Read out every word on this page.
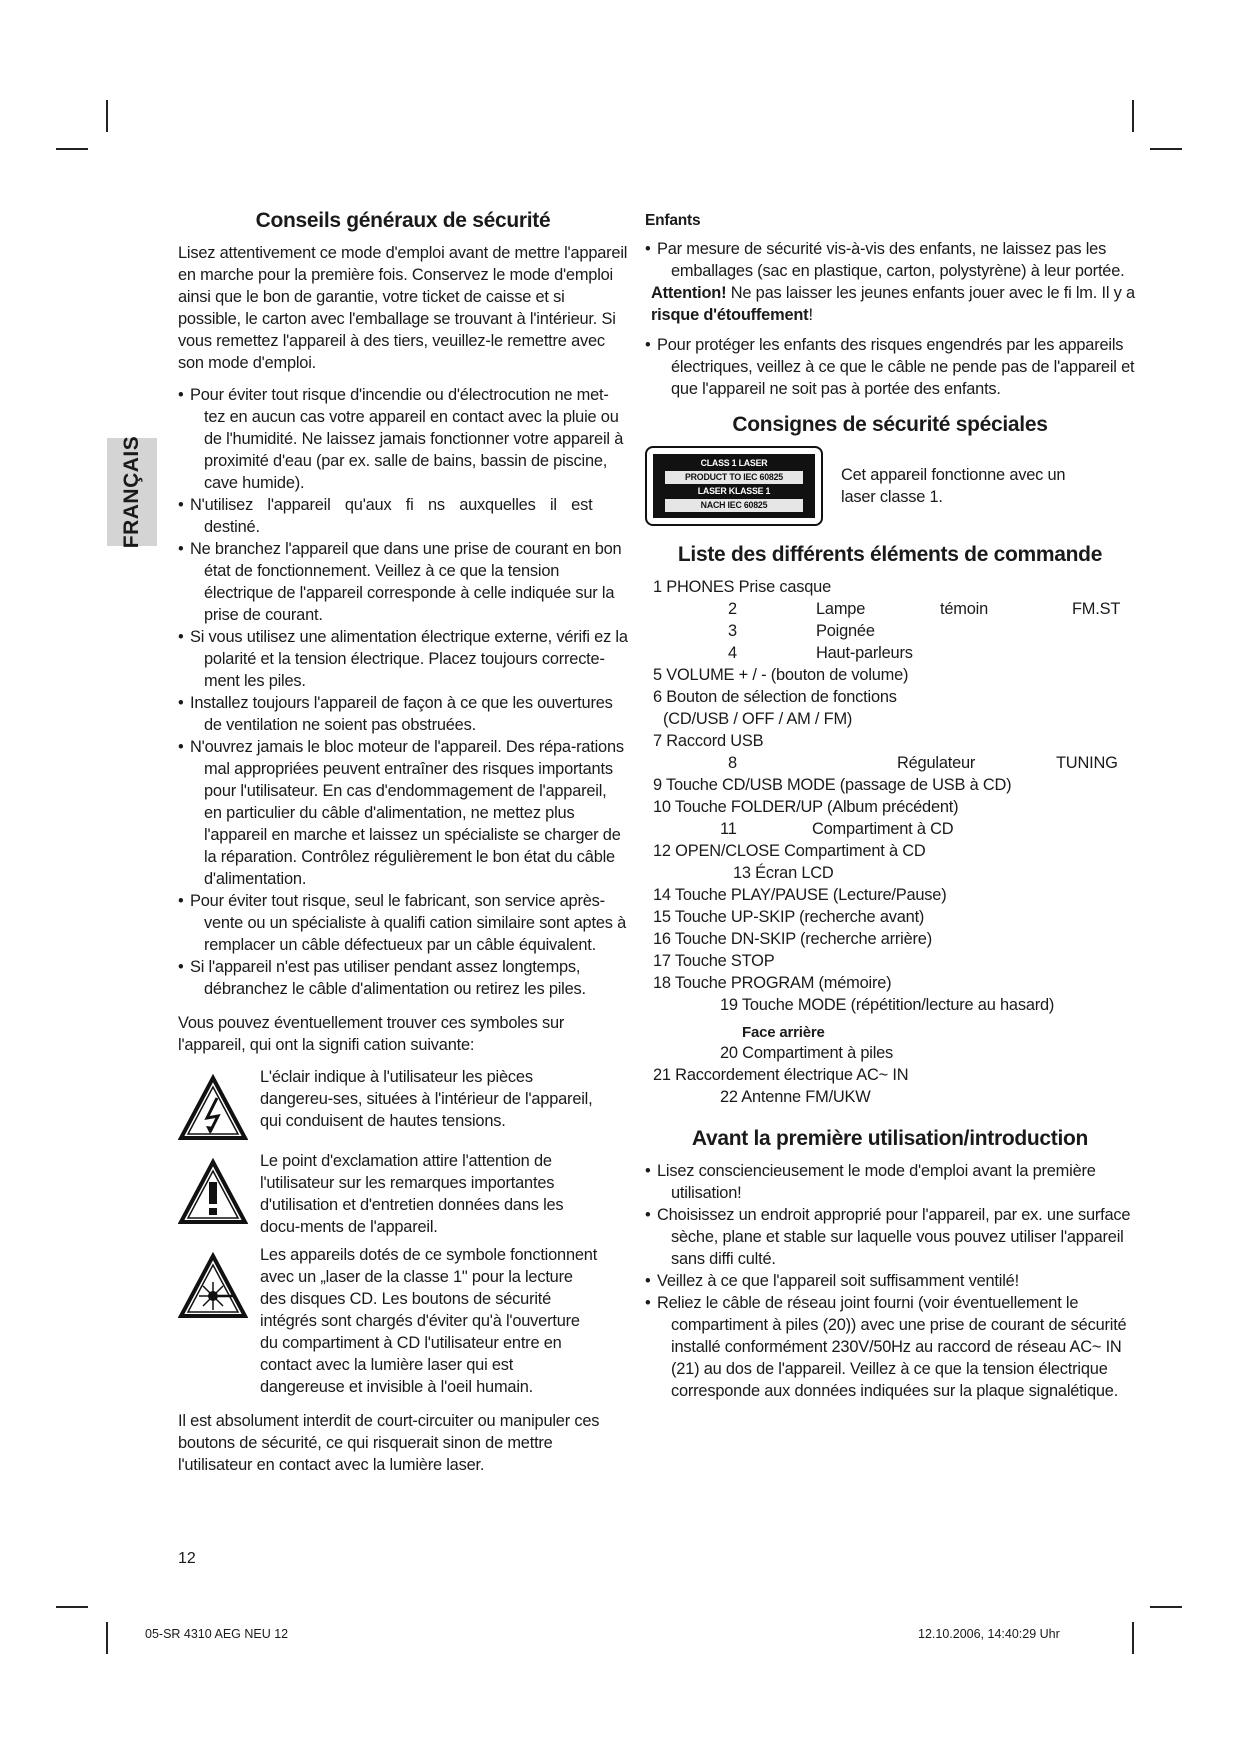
FRANÇAIS
Conseils généraux de sécurité

Lisez attentivement ce mode d'emploi avant de mettre l'appareil en marche pour la première fois. Conservez le mode d'emploi ainsi que le bon de garantie, votre ticket de caisse et si possible, le carton avec l'emballage se trouvant à l'intérieur. Si vous remettez l'appareil à des tiers, veuillez-le remettre avec son mode d'emploi.

• Pour éviter tout risque d'incendie ou d'électrocution ne met-tez en aucun cas votre appareil en contact avec la pluie ou de l'humidité. Ne laissez jamais fonctionner votre appareil à proximité d'eau (par ex. salle de bains, bassin de piscine, cave humide).
• N'utilisez l'appareil qu'aux fi ns auxquelles il est destiné.
• Ne branchez l'appareil que dans une prise de courant en bon état de fonctionnement. Veillez à ce que la tension électrique de l'appareil corresponde à celle indiquée sur la prise de courant.
• Si vous utilisez une alimentation électrique externe, vérifi ez la polarité et la tension électrique. Placez toujours correcte-ment les piles.
• Installez toujours l'appareil de façon à ce que les ouvertures de ventilation ne soient pas obstruées.
• N'ouvrez jamais le bloc moteur de l'appareil. Des répa-rations mal appropriées peuvent entraîner des risques importants pour l'utilisateur. En cas d'endommagement de l'appareil, en particulier du câble d'alimentation, ne mettez plus l'appareil en marche et laissez un spécialiste se charger de la réparation. Contrôlez régulièrement le bon état du câble d'alimentation.
• Pour éviter tout risque, seul le fabricant, son service après-vente ou un spécialiste à qualifi cation similaire sont aptes à remplacer un câble défectueux par un câble équivalent.
• Si l'appareil n'est pas utiliser pendant assez longtemps, débranchez le câble d'alimentation ou retirez les piles.

Vous pouvez éventuellement trouver ces symboles sur l'appareil, qui ont la signifi cation suivante:

L'éclair indique à l'utilisateur les pièces dangereu-ses, situées à l'intérieur de l'appareil, qui conduisent de hautes tensions.

Le point d'exclamation attire l'attention de l'utilisateur sur les remarques importantes d'utilisation et d'entretien données dans les docu-ments de l'appareil.

Les appareils dotés de ce symbole fonctionnent avec un „laser de la classe 1" pour la lecture des disques CD. Les boutons de sécurité intégrés sont chargés d'éviter qu'à l'ouverture du compartiment à CD l'utilisateur entre en contact avec la lumière laser qui est dangereuse et invisible à l'oeil humain.

Il est absolument interdit de court-circuiter ou manipuler ces boutons de sécurité, ce qui risquerait sinon de mettre l'utilisateur en contact avec la lumière laser.

Enfants
• Par mesure de sécurité vis-à-vis des enfants, ne laissez pas les emballages (sac en plastique, carton, polystyrène) à leur portée.

Attention! Ne pas laisser les jeunes enfants jouer avec le fi lm. Il y a risque d'étouffement!

• Pour protéger les enfants des risques engendrés par les appareils électriques, veillez à ce que le câble ne pende pas de l'appareil et que l'appareil ne soit pas à portée des enfants.
Consignes de sécurité spéciales
CLASS 1 LASER
PRODUCT TO IEC 60825
LASER KLASSE 1
NACH IEC 60825

Cet appareil fonctionne avec un laser classe 1.

Liste des différents éléments de commande
1 PHONES Prise casque
2	Lampe	témoin	FM.ST
3	Poignée
4	Haut-parleurs
5 VOLUME + / - (bouton de volume)
6 Bouton de sélection de fonctions
(CD/USB / OFF / AM / FM)
7 Raccord USB
8	Régulateur	TUNING
9 Touche CD/USB MODE (passage de USB à CD)
10 Touche FOLDER/UP (Album précédent)
11	Compartiment à CD
12 OPEN/CLOSE Compartiment à CD
13 Écran LCD
14 Touche PLAY/PAUSE (Lecture/Pause)
15 Touche UP-SKIP (recherche avant)
16 Touche DN-SKIP (recherche arrière)
17 Touche STOP
18 Touche PROGRAM (mémoire)
19 Touche MODE (répétition/lecture au hasard)
Face arrière
20 Compartiment à piles
21 Raccordement électrique AC~ IN
22 Antenne FM/UKW
Avant la première utilisation/introduction
• Lisez consciencieusement le mode d'emploi avant la première utilisation!
• Choisissez un endroit approprié pour l'appareil, par ex. une surface sèche, plane et stable sur laquelle vous pouvez utiliser l'appareil sans diffi culté.
• Veillez à ce que l'appareil soit suffisamment ventilé!
• Reliez le câble de réseau joint fourni (voir éventuellement le compartiment à piles (20)) avec une prise de courant de sécurité installé conformément 230V/50Hz au raccord de réseau AC~ IN (21) au dos de l'appareil. Veillez à ce que la tension électrique corresponde aux données indiquées sur la plaque signalétique.
12
05-SR 4310 AEG NEU 12	12.10.2006, 14:40:29 Uhr
